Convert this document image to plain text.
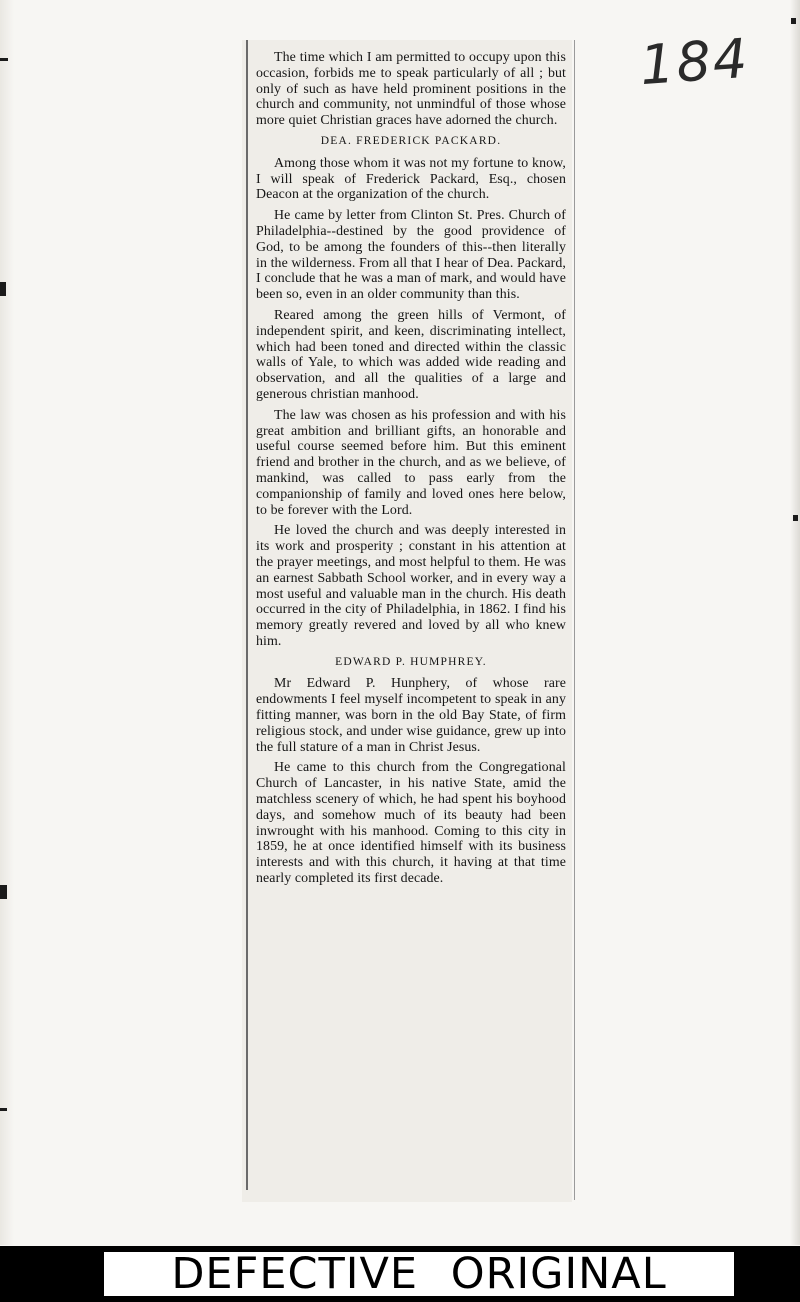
184

The time which I am permitted to occupy upon this occasion, forbids me to speak particularly of all ; but only of such as have held prominent positions in the church and community, not unmindful of those whose more quiet Christian graces have adorned the church.

DEA. FREDERICK PACKARD.

Among those whom it was not my fortune to know, I will speak of Frederick Packard, Esq., chosen Deacon at the organization of the church.

He came by letter from Clinton St. Pres. Church of Philadelphia--destined by the good providence of God, to be among the founders of this--then literally in the wilderness. From all that I hear of Dea. Packard, I conclude that he was a man of mark, and would have been so, even in an older community than this.

Reared among the green hills of Vermont, of independent spirit, and keen, discriminating intellect, which had been toned and directed within the classic walls of Yale, to which was added wide reading and observation, and all the qualities of a large and generous christian manhood.

The law was chosen as his profession and with his great ambition and brilliant gifts, an honorable and useful course seemed before him. But this eminent friend and brother in the church, and as we believe, of mankind, was called to pass early from the companionship of family and loved ones here below, to be forever with the Lord.

He loved the church and was deeply interested in its work and prosperity ; constant in his attention at the prayer meetings, and most helpful to them. He was an earnest Sabbath School worker, and in every way a most useful and valuable man in the church. His death occurred in the city of Philadelphia, in 1862. I find his memory greatly revered and loved by all who knew him.

EDWARD P. HUMPHREY.

Mr Edward P. Hunphery, of whose rare endowments I feel myself incompetent to speak in any fitting manner, was born in the old Bay State, of firm religious stock, and under wise guidance, grew up into the full stature of a man in Christ Jesus.

He came to this church from the Congregational Church of Lancaster, in his native State, amid the matchless scenery of which, he had spent his boyhood days, and somehow much of its beauty had been inwrought with his manhood. Coming to this city in 1859, he at once identified himself with its business interests and with this church, it having at that time nearly completed its first decade.

DEFECTIVE ORIGINAL
